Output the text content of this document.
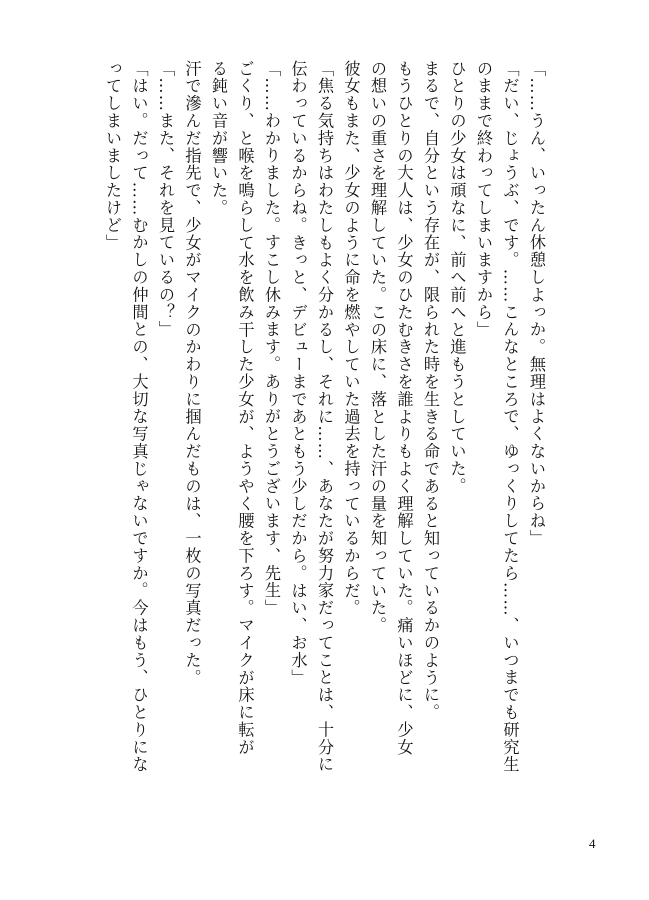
「……うん、いったん休憩しよっか。無理はよくないからね」
「だい、じょうぶ、です。……こんなところで、ゆっくりしてたら……、いつまでも研究生
のままで終わってしまいますから」
ひとりの少女は頑なに、前へ前へと進もうとしていた。
まるで、自分という存在が、限られた時を生きる命であると知っているかのように。
もうひとりの大人は、少女のひたむきさを誰よりもよく理解していた。痛いほどに、少女
の想いの重さを理解していた。この床に、落とした汗の量を知っていた。
彼女もまた、少女のように命を燃やしていた過去を持っているからだ。
「焦る気持ちはわたしもよく分かるし、それに……、あなたが努力家だってことは、十分に
伝わっているからね。きっと、デビューまであともう少しだから。はい、お水」
「……わかりました。すこし休みます。ありがとうございます、先生」
ごくり、と喉を鳴らして水を飲み干した少女が、ようやく腰を下ろす。マイクが床に転が
る鈍い音が響いた。
汗で滲んだ指先で、少女がマイクのかわりに掴んだものは、一枚の写真だった。
「……また、それを見ているの？」
「はい。だって……むかしの仲間との、大切な写真じゃないですか。今はもう、ひとりにな
ってしまいましたけど」
4
